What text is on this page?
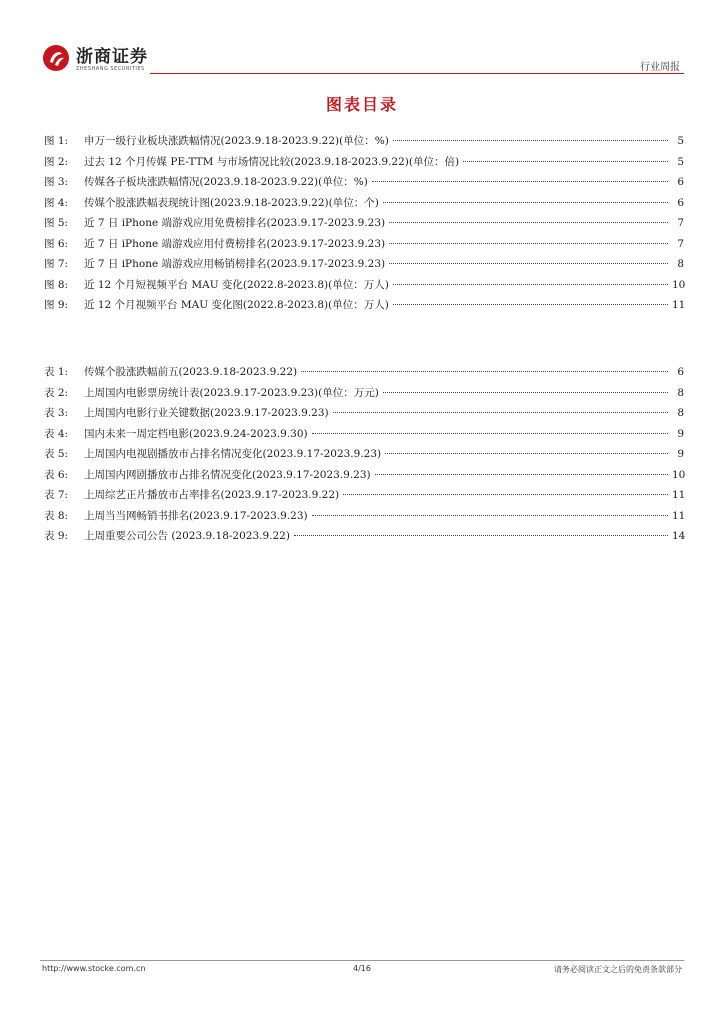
浙商证券
ZHESHANG SECURITIES	行业周报
图表目录
图 1:	申万一级行业板块涨跌幅情况(2023.9.18-2023.9.22)(单位：%)	5
图 2:	过去 12 个月传媒 PE-TTM 与市场情况比较(2023.9.18-2023.9.22)(单位：倍)	5
图 3:	传媒各子板块涨跌幅情况(2023.9.18-2023.9.22)(单位：%)	6
图 4:	传媒个股涨跌幅表现统计图(2023.9.18-2023.9.22)(单位：个)	6
图 5:	近 7 日 iPhone 端游戏应用免费榜排名(2023.9.17-2023.9.23)	7
图 6:	近 7 日 iPhone 端游戏应用付费榜排名(2023.9.17-2023.9.23)	7
图 7:	近 7 日 iPhone 端游戏应用畅销榜排名(2023.9.17-2023.9.23)	8
图 8:	近 12 个月短视频平台 MAU 变化(2022.8-2023.8)(单位：万人)	10
图 9:	近 12 个月视频平台 MAU 变化图(2022.8-2023.8)(单位：万人)	11
表 1:	传媒个股涨跌幅前五(2023.9.18-2023.9.22)	6
表 2:	上周国内电影票房统计表(2023.9.17-2023.9.23)(单位：万元)	8
表 3:	上周国内电影行业关键数据(2023.9.17-2023.9.23)	8
表 4:	国内未来一周定档电影(2023.9.24-2023.9.30)	9
表 5:	上周国内电视剧播放市占排名情况变化(2023.9.17-2023.9.23)	9
表 6:	上周国内网剧播放市占排名情况变化(2023.9.17-2023.9.23)	10
表 7:	上周综艺正片播放市占率排名(2023.9.17-2023.9.22)	11
表 8:	上周当当网畅销书排名(2023.9.17-2023.9.23)	11
表 9:	上周重要公司公告 (2023.9.18-2023.9.22)	14
http://www.stocke.com.cn	4/16	请务必阅读正文之后的免责条款部分
